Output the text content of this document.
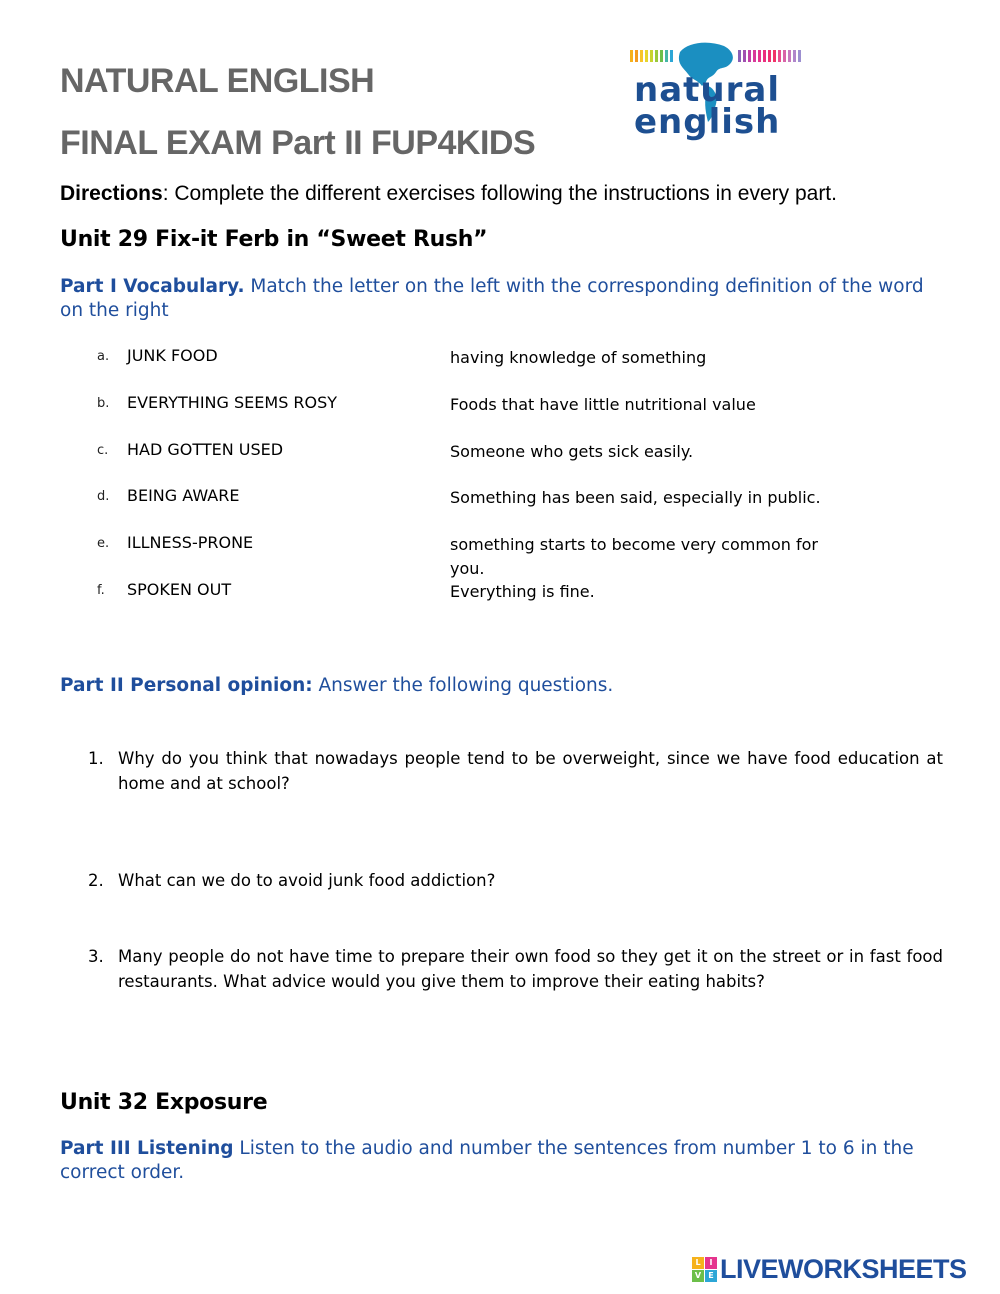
NATURAL ENGLISH
FINAL EXAM Part II FUP4KIDS
natural
english
Directions: Complete the different exercises following the instructions in every part.
Unit 29 Fix-it Ferb in “Sweet Rush”
Part I Vocabulary. Match the letter on the left with the corresponding definition of the word on the right
a. JUNK FOOD	having knowledge of something
b. EVERYTHING SEEMS ROSY	Foods that have little nutritional value
c. HAD GOTTEN USED	Someone who gets sick easily.
d. BEING AWARE	Something has been said, especially in public.
e. ILLNESS-PRONE	something starts to become very common for you.
f. SPOKEN OUT	Everything is fine.
Part II Personal opinion: Answer the following questions.
1. Why do you think that nowadays people tend to be overweight, since we have food education at home and at school?
2. What can we do to avoid junk food addiction?
3. Many people do not have time to prepare their own food so they get it on the street or in fast food restaurants. What advice would you give them to improve their eating habits?
Unit 32 Exposure
Part III Listening Listen to the audio and number the sentences from number 1 to 6 in the correct order.
L	I
V E LIVEWORKSHEETS
